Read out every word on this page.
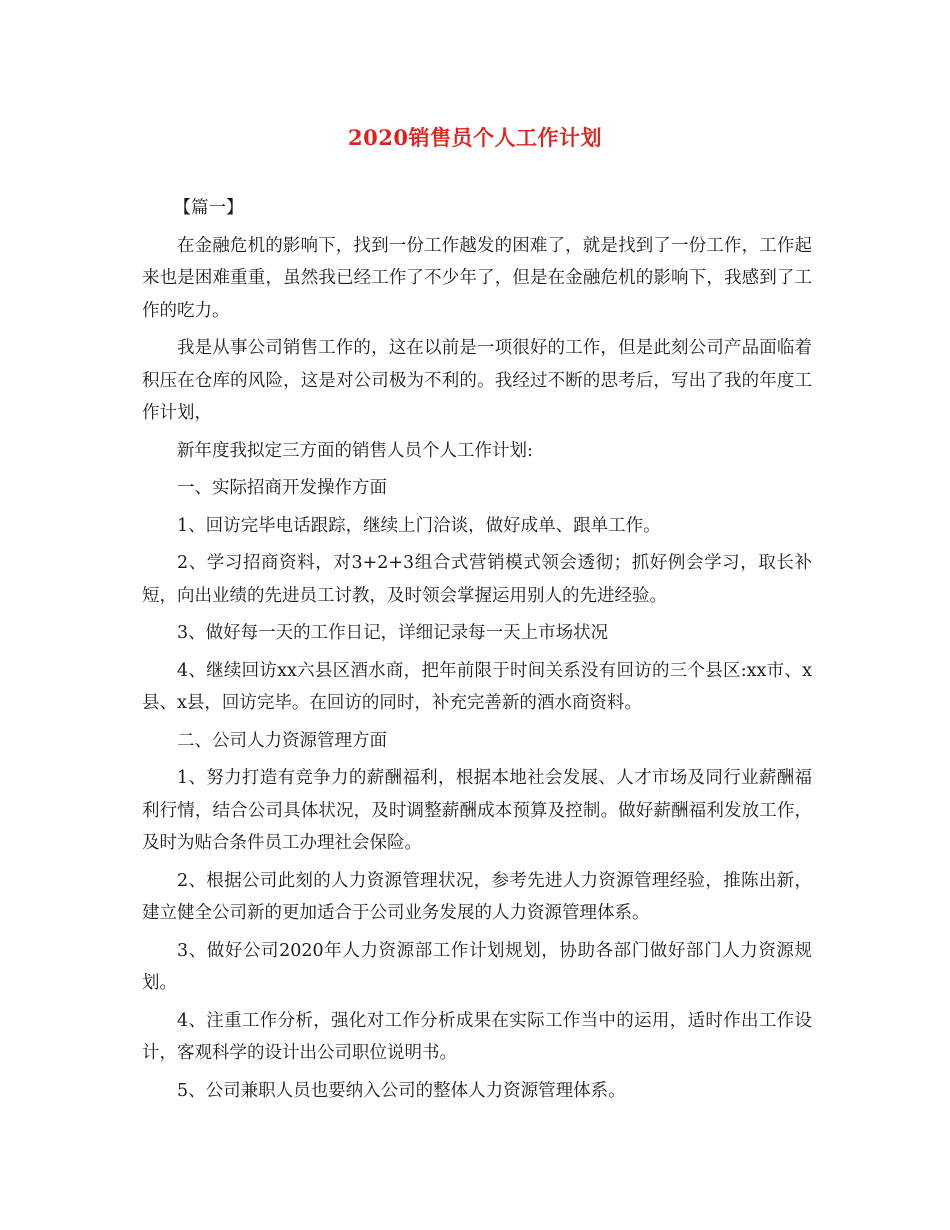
2020销售员个人工作计划

【篇一】

在金融危机的影响下，找到一份工作越发的困难了，就是找到了一份工作，工作起来也是困难重重，虽然我已经工作了不少年了，但是在金融危机的影响下，我感到了工作的吃力。

我是从事公司销售工作的，这在以前是一项很好的工作，但是此刻公司产品面临着积压在仓库的风险，这是对公司极为不利的。我经过不断的思考后，写出了我的年度工作计划，

新年度我拟定三方面的销售人员个人工作计划:

一、实际招商开发操作方面

1、回访完毕电话跟踪，继续上门洽谈，做好成单、跟单工作。

2、学习招商资料，对3+2+3组合式营销模式领会透彻；抓好例会学习，取长补短，向出业绩的先进员工讨教，及时领会掌握运用别人的先进经验。

3、做好每一天的工作日记，详细记录每一天上市场状况

4、继续回访xx六县区酒水商，把年前限于时间关系没有回访的三个县区:xx市、x县、x县，回访完毕。在回访的同时，补充完善新的酒水商资料。

二、公司人力资源管理方面

1、努力打造有竞争力的薪酬福利，根据本地社会发展、人才市场及同行业薪酬福利行情，结合公司具体状况，及时调整薪酬成本预算及控制。做好薪酬福利发放工作，及时为贴合条件员工办理社会保险。

2、根据公司此刻的人力资源管理状况，参考先进人力资源管理经验，推陈出新，建立健全公司新的更加适合于公司业务发展的人力资源管理体系。

3、做好公司2020年人力资源部工作计划规划，协助各部门做好部门人力资源规划。

4、注重工作分析，强化对工作分析成果在实际工作当中的运用，适时作出工作设计，客观科学的设计出公司职位说明书。

5、公司兼职人员也要纳入公司的整体人力资源管理体系。
